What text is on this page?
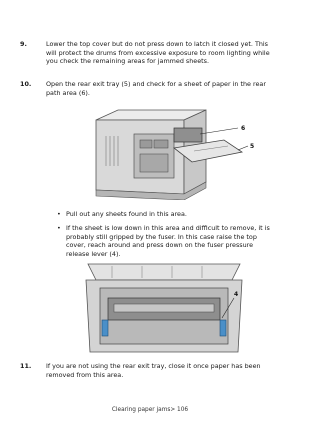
9.	Lower the top cover but do not press down to latch it closed yet. This will protect the drums from excessive exposure to room lighting while you check the remaining areas for jammed sheets.
10. Open the rear exit tray (5) and check for a sheet of paper in the rear path area (6).
6
5
• Pull out any sheets found in this area.
• If the sheet is low down in this area and difficult to remove, it is probably still gripped by the fuser. In this case raise the top cover, reach around and press down on the fuser pressure release lever (4).
4
11. If you are not using the rear exit tray, close it once paper has been removed from this area.
Clearing paper jams> 106
